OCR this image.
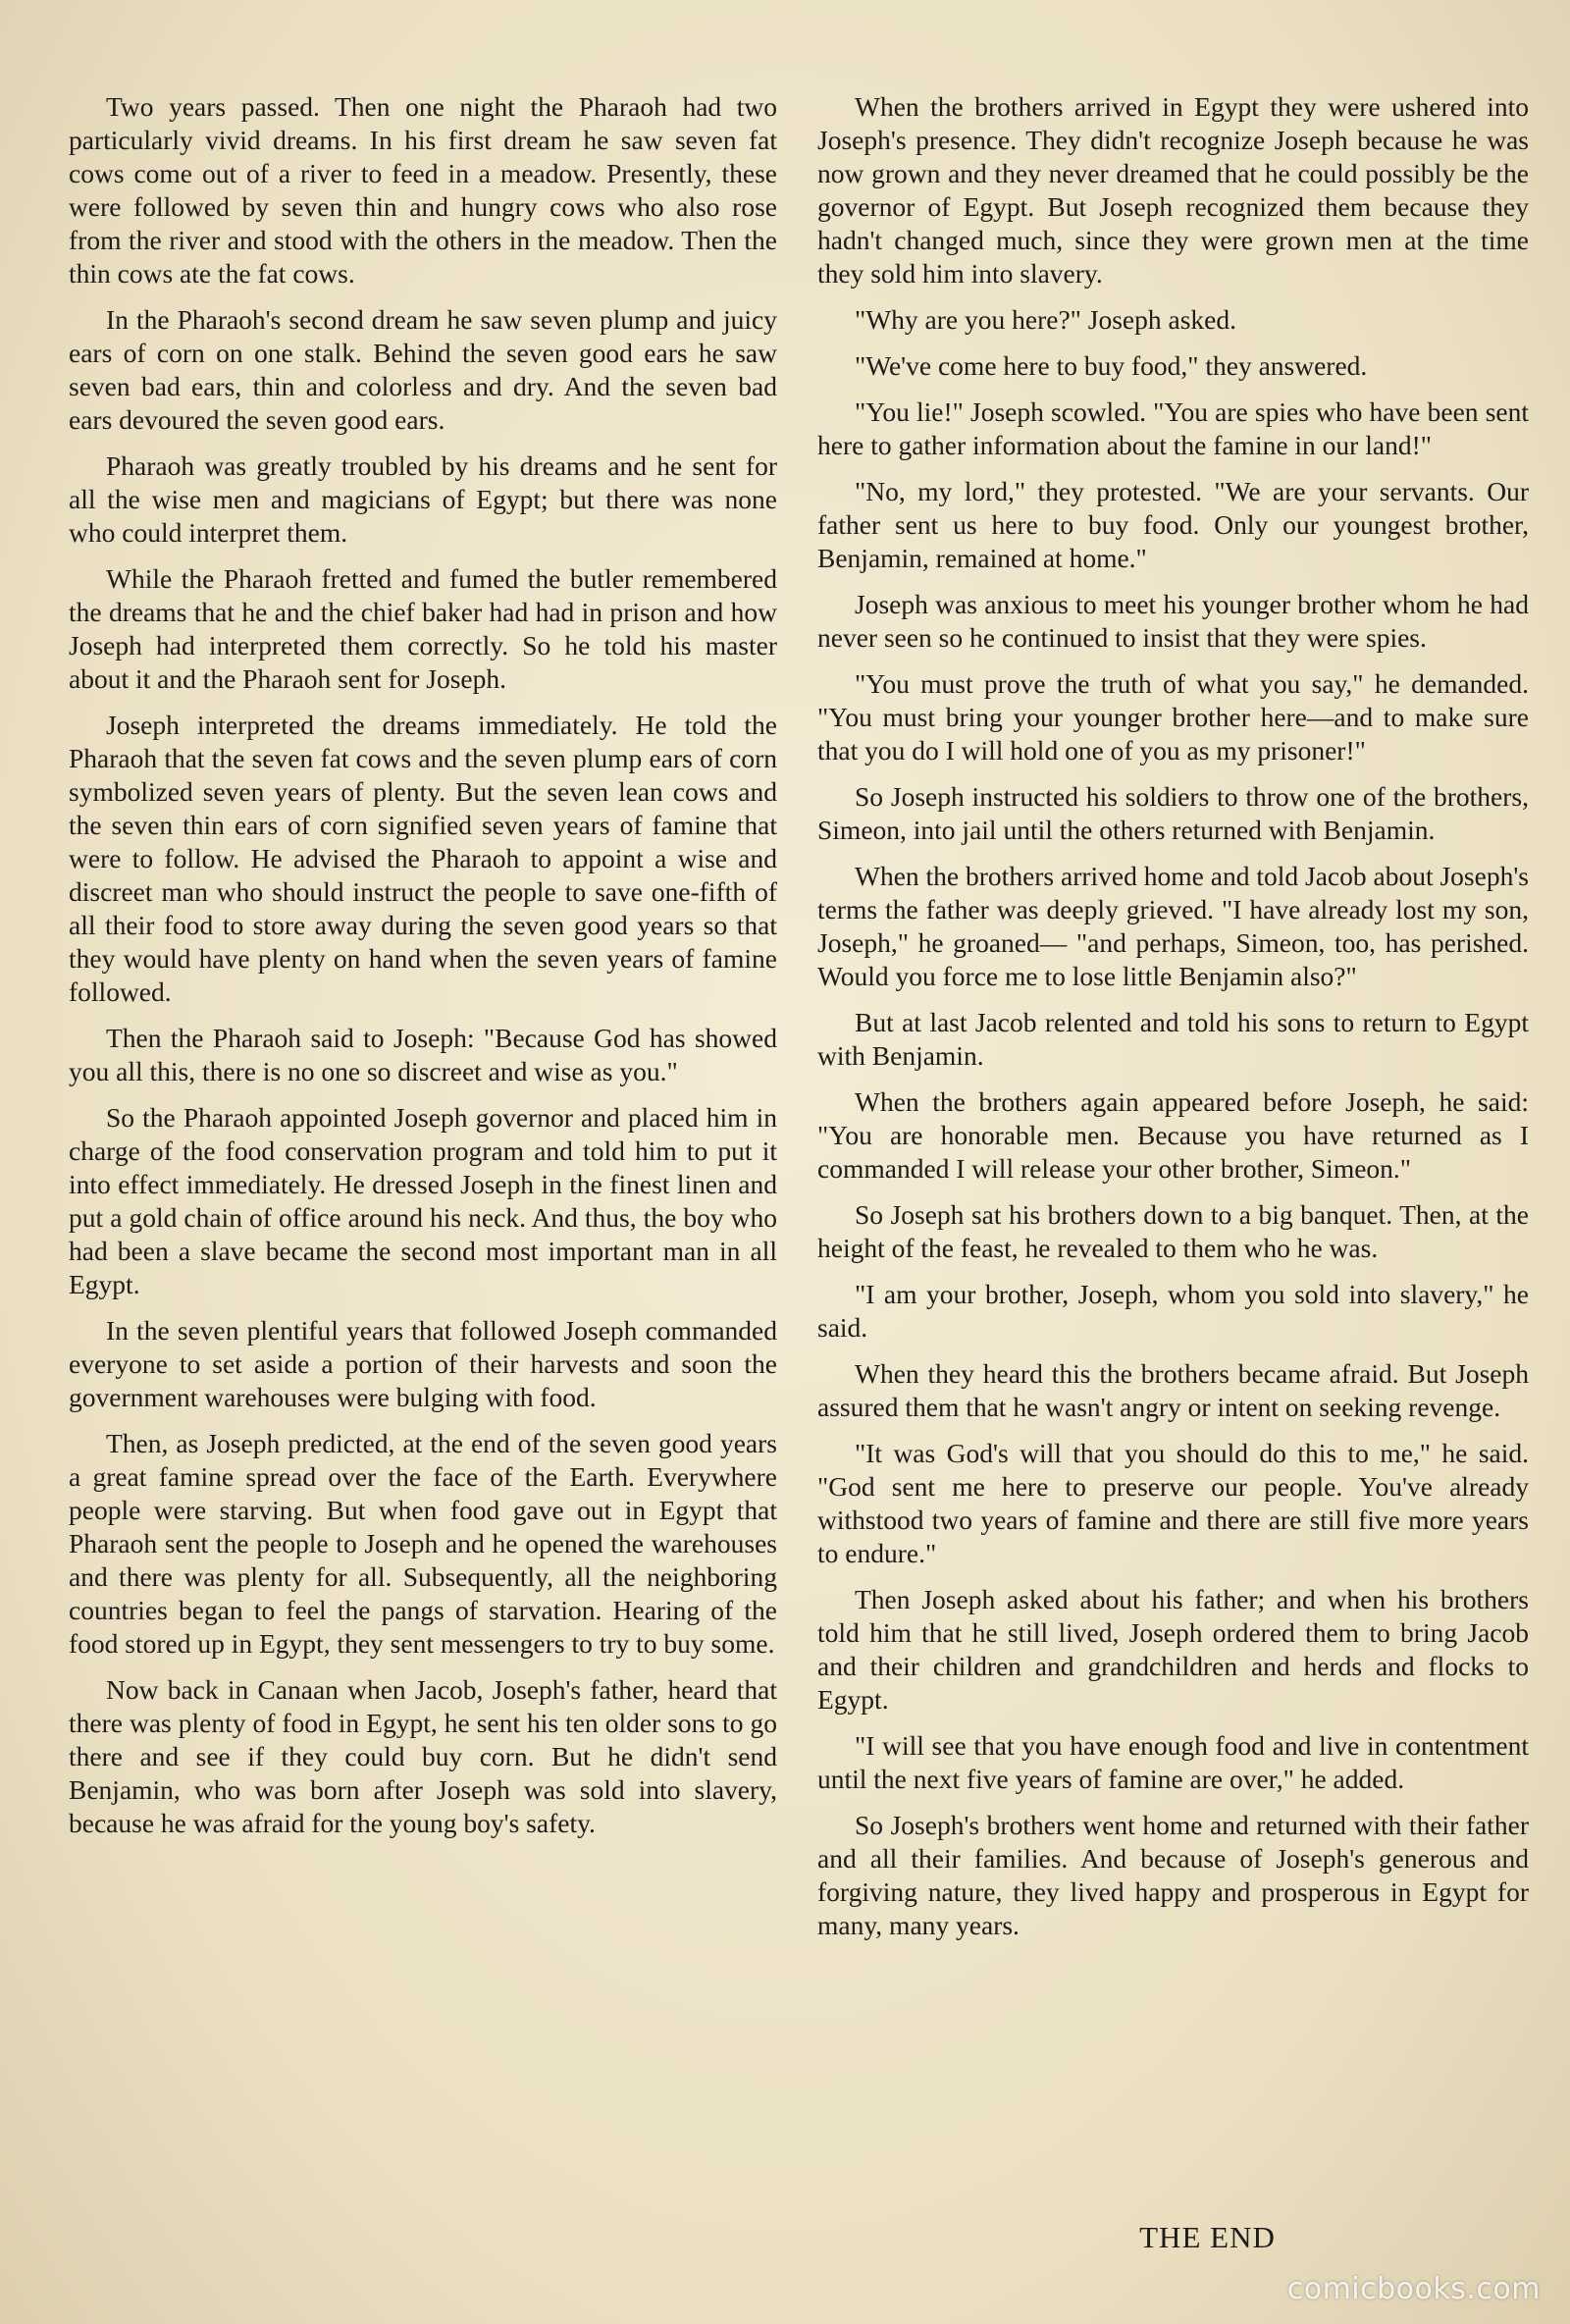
Two years passed. Then one night the Pharaoh had two particularly vivid dreams. In his first dream he saw seven fat cows come out of a river to feed in a meadow. Presently, these were followed by seven thin and hungry cows who also rose from the river and stood with the others in the meadow. Then the thin cows ate the fat cows.

In the Pharaoh's second dream he saw seven plump and juicy ears of corn on one stalk. Behind the seven good ears he saw seven bad ears, thin and colorless and dry. And the seven bad ears devoured the seven good ears.

Pharaoh was greatly troubled by his dreams and he sent for all the wise men and magicians of Egypt; but there was none who could interpret them.

While the Pharaoh fretted and fumed the butler remembered the dreams that he and the chief baker had had in prison and how Joseph had interpreted them correctly. So he told his master about it and the Pharaoh sent for Joseph.

Joseph interpreted the dreams immediately. He told the Pharaoh that the seven fat cows and the seven plump ears of corn symbolized seven years of plenty. But the seven lean cows and the seven thin ears of corn signified seven years of famine that were to follow. He advised the Pharaoh to appoint a wise and discreet man who should instruct the people to save one-fifth of all their food to store away during the seven good years so that they would have plenty on hand when the seven years of famine followed.

Then the Pharaoh said to Joseph: "Because God has showed you all this, there is no one so discreet and wise as you."

So the Pharaoh appointed Joseph governor and placed him in charge of the food conservation program and told him to put it into effect immediately. He dressed Joseph in the finest linen and put a gold chain of office around his neck. And thus, the boy who had been a slave became the second most important man in all Egypt.

In the seven plentiful years that followed Joseph commanded everyone to set aside a portion of their harvests and soon the government warehouses were bulging with food.

Then, as Joseph predicted, at the end of the seven good years a great famine spread over the face of the Earth. Everywhere people were starving. But when food gave out in Egypt that Pharaoh sent the people to Joseph and he opened the warehouses and there was plenty for all. Subsequently, all the neighboring countries began to feel the pangs of starvation. Hearing of the food stored up in Egypt, they sent messengers to try to buy some.

Now back in Canaan when Jacob, Joseph's father, heard that there was plenty of food in Egypt, he sent his ten older sons to go there and see if they could buy corn. But he didn't send Benjamin, who was born after Joseph was sold into slavery, because he was afraid for the young boy's safety.

When the brothers arrived in Egypt they were ushered into Joseph's presence. They didn't recognize Joseph because he was now grown and they never dreamed that he could possibly be the governor of Egypt. But Joseph recognized them because they hadn't changed much, since they were grown men at the time they sold him into slavery.

"Why are you here?" Joseph asked.

"We've come here to buy food," they answered.

"You lie!" Joseph scowled. "You are spies who have been sent here to gather information about the famine in our land!"

"No, my lord," they protested. "We are your servants. Our father sent us here to buy food. Only our youngest brother, Benjamin, remained at home."

Joseph was anxious to meet his younger brother whom he had never seen so he continued to insist that they were spies.

"You must prove the truth of what you say," he demanded. "You must bring your younger brother here—and to make sure that you do I will hold one of you as my prisoner!"

So Joseph instructed his soldiers to throw one of the brothers, Simeon, into jail until the others returned with Benjamin.

When the brothers arrived home and told Jacob about Joseph's terms the father was deeply grieved. "I have already lost my son, Joseph," he groaned— "and perhaps, Simeon, too, has perished. Would you force me to lose little Benjamin also?"

But at last Jacob relented and told his sons to return to Egypt with Benjamin.

When the brothers again appeared before Joseph, he said: "You are honorable men. Because you have returned as I commanded I will release your other brother, Simeon."

So Joseph sat his brothers down to a big banquet. Then, at the height of the feast, he revealed to them who he was.

"I am your brother, Joseph, whom you sold into slavery," he said.

When they heard this the brothers became afraid. But Joseph assured them that he wasn't angry or intent on seeking revenge.

"It was God's will that you should do this to me," he said. "God sent me here to preserve our people. You've already withstood two years of famine and there are still five more years to endure."

Then Joseph asked about his father; and when his brothers told him that he still lived, Joseph ordered them to bring Jacob and their children and grandchildren and herds and flocks to Egypt.

"I will see that you have enough food and live in contentment until the next five years of famine are over," he added.

So Joseph's brothers went home and returned with their father and all their families. And because of Joseph's generous and forgiving nature, they lived happy and prosperous in Egypt for many, many years.

THE END
comicbooks.com
